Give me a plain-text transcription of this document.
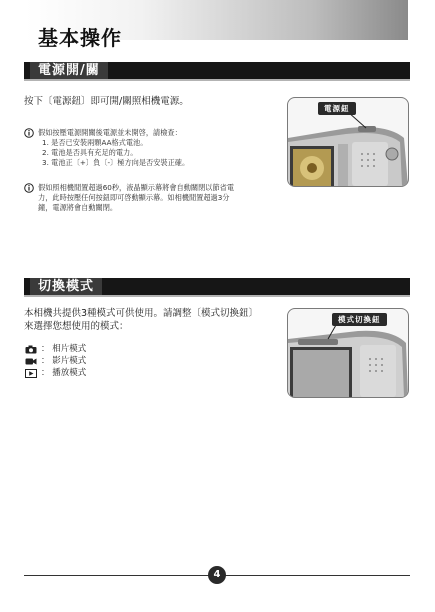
基本操作
電源開/關
按下〔電源鈕〕即可開/關照相機電源。
假如按壓電源開關後電源並未開啓，請檢查：
1. 是否已安裝兩顆AA格式電池。
2. 電池是否具有充足的電力。
3. 電池正〔+〕負〔-〕極方向是否安裝正確。
假如照相機閒置超過60秒，液晶顯示幕將會自動關閉以節省電
力，此時按壓任何按鈕即可啓動顯示幕。如相機閒置超過3分
鐘，電源將會自動關閉。
電源鈕
切換模式
本相機共提供3種模式可供使用。請調整〔模式切換鈕〕
來選擇您想使用的模式：
： 相片模式
： 影片模式
： 播放模式
模式切換鈕
4
